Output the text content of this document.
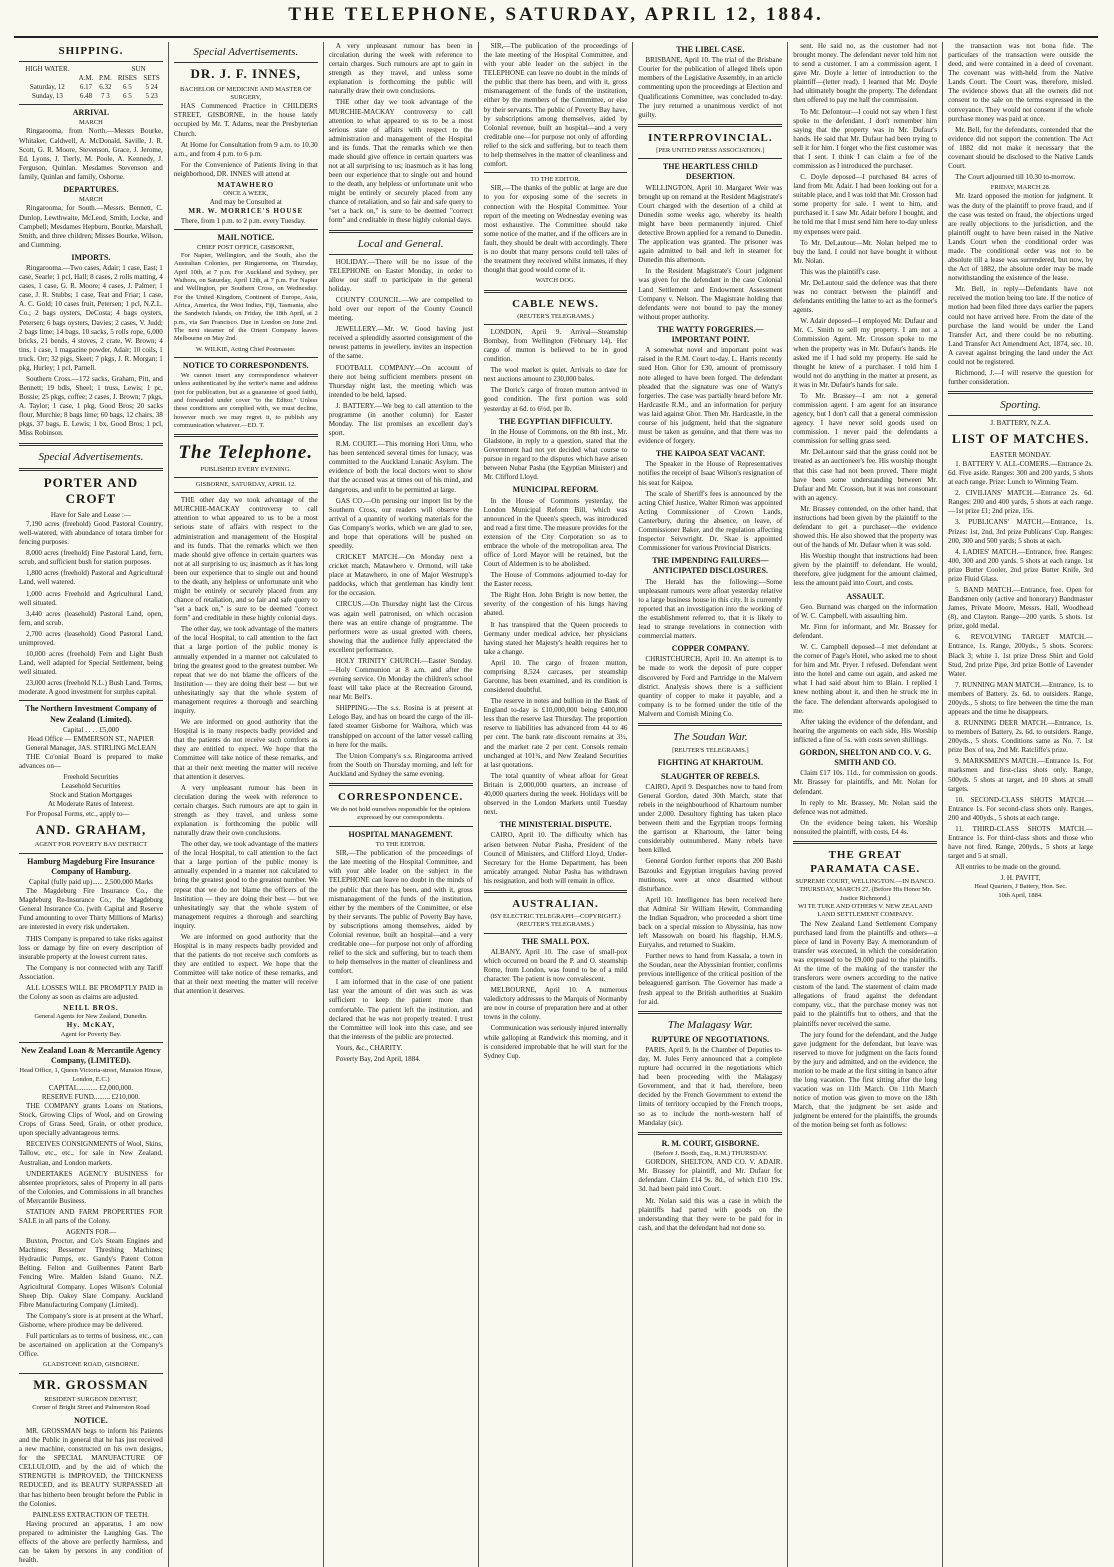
THE TELEPHONE, SATURDAY, APRIL 12, 1884.
SHIPPING.
HIGH WATER.			SUN	
	A.M.	P.M.	RISES	SETS
Saturday, 12	6.17	6.32	6 5	5 24
Sunday, 13	6.48	7 3	6 5	5 23
ARRIVAL
MARCH

Ringarooma, from North.—Messrs Bourke, Whitaker, Caldwell, A. McDonald, Saville, J. R. Scott, G. R. Moore, Stevenson, Grace, J. Jerome, Ed. Lyons, J. Tierly, M. Poole, A. Kennedy, J. Ferguson, Quinlan. Mesdames Stevenson and family, Quinlan and family, Osborne.

DEPARTURES.
MARCH

Ringarooma, for South.—Messrs. Bennett, C. Dunlop, Lewthwaite, McLeod, Smith, Locke, and Campbell; Mesdames Hepburn, Bourke, Marshall, Smith, and three children; Misses Bourke, Wilson, and Cumming.

IMPORTS.

Ringarooma.—Two cases, Adair; 1 case, East; 1 case, Searle; 1 pcl, Hall; 8 cases, 2 rolls matting, 4 cases, 1 case, G. R. Moore; 4 cases, J. Palmer; 1 case, J. R. Stubbs; 1 case, Teat and Friar; 1 case, A. C. Gold; 10 cases fruit, Petersen; 1 pcl, N.Z.L. Co.; 2 bags oysters, DeCosta; 4 bags oysters, Petersen; 6 bags oysters, Davies; 2 cases, V. Judd; 2 bags lime; 14 bags, 10 sacks, 5 rolls rope, 6,000 bricks, 21 bends, 4 stoves, 2 crate, W. Brown; 4 tins, 1 case, 1 magazine powder, Adair; 10 coils, 1 truck. Orr; 32 pigs, Skeet; 7 pkgs, J. R. Morgan; 1 pkg, Hurley; 1 pcl, Parnell.

Southern Cross.—172 sacks, Graham, Pitt, and Bennett; 19 bdls, Sheel; 1 truss, Lewis; 1 pc, Bossie; 25 pkgs, coffee; 2 cases, J. Brown; 7 pkgs, A. Taylor; 1 case, 1 pkg, Good Bros; 20 sacks flour, Murchie; 8 bags lime; 60 bags, 12 chairs, 38 pkgs, 37 bags, E. Lewis; 1 bx, Good Bros; 1 pcl, Miss Robinson.

Special Advertisements.
PORTER AND CROFT
Have for Sale and Lease :—

7,190 acres (freehold) Good Pastoral Country, well-watered, with abundance of totara timber for fencing purposes.

8,000 acres (freehold) Fine Pastoral Land, fern, scrub, and sufficient bush for station purposes.

1,800 acres (freehold) Pastoral and Agricultural Land, well watered.

1,000 acres Freehold and Agricultural Land, well situated.

3,440 acres (leasehold) Pastoral Land, open, fern, and scrub.

2,700 acres (leasehold) Good Pastoral Land, unimproved.

10,000 acres (freehold) Fern and Light Bush Land, well adapted for Special Settlement, being well situated.

23,000 acres (freehold N.L.) Bush Land. Terms, moderate. A good investment for surplus capital.

The Northern Investment Company of New Zealand (Limited).
Capital . . . . £5,000
Head Office — EMMERSON ST., NAPIER
General Manager, JAS. STIRLING McLEAN

THE Co'onial Board is prepared to make advances on—

Freehold Securities
Leasehold Securities
Stock and Station Mortgages
At Moderate Rates of Interest.

For Proposal Forms, etc., apply to—

AND. GRAHAM,
AGENT FOR POVERTY BAY DISTRICT
Hamburg Magdeburg Fire Insurance Company of Hamburg.
Capital (fully paid up)...... 2,500,000 Marks

The Magdeburg Fire Insurance Co., the Magdeburg Re-Insurance Co., the Magdeburg General Insurance Co. (with Capital and Reserve Fund amounting to over Thirty Millions of Marks) are interested in every risk undertaken.

THIS Company is prepared to take risks against loss or damage by fire on every description of insurable property at the lowest current rates.

The Company is not connected with any Tariff Association.

ALL LOSSES WILL BE PROMPTLY PAID in the Colony as soon as claims are adjusted.

NEILL BROS.
General Agents for New Zealand, Dunedin.
Hy. McKAY,
Agent for Poverty Bay.
New Zealand Loan & Mercantile Agency Company, (LIMITED).
Head Office, 1, Queen Victoria-street, Mansion House, London, E.C.)
CAPITAL........... £2,000,000.
RESERVE FUND......... £210,000.

THE COMPANY grants Loans on Stations, Stock, Growing Clips of Wool, and on Growing Crops of Grass Seed, Grain, or other produce, upon specially advantageous terms.

RECEIVES CONSIGNMENTS of Wool, Skins, Tallow, etc., etc., for sale in New Zealand, Australian, and London markets.

UNDERTAKES AGENCY BUSINESS for absentee proprietors, sales of Property in all parts of the Colonies, and Commissions in all branches of Mercantile Business.

STATION AND FARM PROPERTIES FOR SALE in all parts of the Colony.

AGENTS FOR—

Buxton, Proctor, and Co's Steam Engines and Machines; Bessemer Threshing Machines; Hydraulic Pumps, etc. Gandy's Patent Cotton Belting. Felton and Guilbennes Patent Barb Fencing Wire. Malden Island Guano. N.Z. Agricultural Company. Lopes Wilson's Colonial Sheep Dip. Oakey Slate Company. Auckland Fibre Manufacturing Company (Limited).

The Company's store is at present at the Wharf, Gisborne, where produce may be delivered.

Full particulars as to terms of business, etc., can be ascertained on application at the Company's Office.

GLADSTONE ROAD, GISBORNE.
MR. GROSSMAN
RESIDENT SURGEON DENTIST,
Corner of Bright Street and Palmerston Road
NOTICE.

MR. GROSSMAN begs to inform his Patients and the Public in general that he has just received a new machine, constructed on his own designs, for the SPECIAL MANUFACTURE OF CELLULOID, and by the aid of which the STRENGTH is IMPROVED, the THICKNESS REDUCED, and its BEAUTY SURPASSED all that has hitherto been brought before the Public in the Colonies.

PAINLESS EXTRACTION OF TEETH.

Having procured an apparatus, I am now prepared to administer the Laughing Gas. The effects of the above are perfectly harmless, and can be taken by persons in any condition of health.

Special Advertisements.
DR. J. F. INNES,
BACHELOR OF MEDICINE AND MASTER OF SURGERY,

HAS Commenced Practice in CHILDERS STREET, GISBORNE, in the house lately occupied by Mr. T. Adams, near the Presbyterian Church.

At Home for Consultation from 9 a.m. to 10.30 a.m., and from 4 p.m. to 6 p.m.

For the Convenience of Patients living in that neighborhood, DR. INNES will attend at

MATAWHERO
ONCE A WEEK,
And may be Consulted at
MR. W. MORRICE'S HOUSE

There, from 1 p.m. to 2 p.m. every Tuesday.

MAIL NOTICE.
CHIEF POST OFFICE, GISBORNE,

For Napier, Wellington, and the South, also the Australian Colonies, per Ringarooma, on Thursday, April 10th, at 7 p.m. For Auckland and Sydney, per Waihora, on Saturday, April 12th, at 7 p.m. For Napier and Wellington, per Southern Cross, on Wednesday. For the United Kingdom, Continent of Europe, Asia, Africa, America, the West Indies, Fiji, Tasmania, also the Sandwich Islands, on Friday, the 18th April, at 2 p.m., via San Francisco. Due in London on June 2nd. The next steamer of the Orient Company leaves Melbourne on May 2nd.

W. WILKIE, Acting Chief Postmaster.
NOTICE TO CORRESPONDENTS.

We cannot insert any correspondence whatever unless authenticated by the writer's name and address (not for publication, but as a guarantee of good faith), and forwarded under cover "to the Editor." Unless these conditions are complied with, we must decline, however much we may regret it, to publish any communication whatever.—ED. T.

The Telephone.
PUBLISHED EVERY EVENING.
GISBORNE, SATURDAY, APRIL 12.

THE other day we took advantage of the MURCHIE-MACKAY controversy to call attention to what appeared to us to be a most serious state of affairs with respect to the administration and management of the Hospital and its funds. That the remarks which we then made should give offence in certain quarters was not at all surprising to us; inasmuch as it has long been our experience that to single out and hound to the death, any helpless or unfortunate unit who might be entirely or securely placed from any chance of retaliation, and so fair and safe query to "set a back on," is sure to be deemed "correct form" and creditable in these highly colonial days.

The other day, we took advantage of the matters of the local Hospital, to call attention to the fact that a large portion of the public money is annually expended in a manner not calculated to bring the greatest good to the greatest number. We repeat that we do not blame the officers of the Institution — they are doing their best — but we unhesitatingly say that the whole system of management requires a thorough and searching inquiry.

We are informed on good authority that the Hospital is in many respects badly provided and that the patients do not receive such comforts as they are entitled to expect. We hope that the Committee will take notice of these remarks, and that at their next meeting the matter will receive that attention it deserves.

A very unpleasant rumour has been in circulation during the week with reference to certain charges. Such rumours are apt to gain in strength as they travel, and unless some explanation is forthcoming the public will naturally draw their own conclusions.

The other day, we took advantage of the matters of the local Hospital, to call attention to the fact that a large portion of the public money is annually expended in a manner not calculated to bring the greatest good to the greatest number. We repeat that we do not blame the officers of the Institution — they are doing their best — but we unhesitatingly say that the whole system of management requires a thorough and searching inquiry.

We are informed on good authority that the Hospital is in many respects badly provided and that the patients do not receive such comforts as they are entitled to expect. We hope that the Committee will take notice of these remarks, and that at their next meeting the matter will receive that attention it deserves.

A very unpleasant rumour has been in circulation during the week with reference to certain charges. Such rumours are apt to gain in strength as they travel, and unless some explanation is forthcoming the public will naturally draw their own conclusions.

THE other day we took advantage of the MURCHIE-MACKAY controversy to call attention to what appeared to us to be a most serious state of affairs with respect to the administration and management of the Hospital and its funds. That the remarks which we then made should give offence in certain quarters was not at all surprising to us; inasmuch as it has long been our experience that to single out and hound to the death, any helpless or unfortunate unit who might be entirely or securely placed from any chance of retaliation, and so fair and safe query to "set a back on," is sure to be deemed "correct form" and creditable in these highly colonial days.

Local and General.

HOLIDAY.—There will be no issue of the TELEPHONE on Easter Monday, in order to allow our staff to participate in the general holiday.

COUNTY COUNCIL.—We are compelled to hold over our report of the County Council meeting.

JEWELLERY.—Mr. W. Good having just received a splendidly assorted consignment of the newest patterns in jewellery, invites an inspection of the same.

FOOTBALL COMPANY.—On account of there not being sufficient members present on Thursday night last, the meeting which was intended to be held, lapsed.

J. BATTERY.—We beg to call attention to the programme (in another column) for Easter Monday. The list promises an excellent day's sport.

R.M. COURT.—This morning Hori Umu, who has been sentenced several times for lunacy, was committed to the Auckland Lunatic Asylum. The evidence of both the local doctors went to show that the accused was at times out of his mind, and dangerous, and unfit to be permitted at large.

GAS CO.—On perusing our import list by the Southern Cross, our readers will observe the arrival of a quantity of working materials for the Gas Company's works, which we are glad to see, and hope that operations will be pushed on speedily.

CRICKET MATCH.—On Monday next a cricket match, Matawhero v. Ormond, will take place at Matawhero, in one of Major Westrupp's paddocks, which that gentleman has kindly lent for the occasion.

CIRCUS.—On Thursday night last the Circus was again well patronised, on which occasion there was an entire change of programme. The performers were as usual greeted with cheers, showing that the audience fully appreciated the excellent performance.

HOLY TRINITY CHURCH.—Easter Sunday.—Holy Communion at 8 a.m. and after the evening service. On Monday the children's school feast will take place at the Recreation Ground, near Mr. Bell's.

SHIPPING.—The s.s. Rosina is at present at Lelogo Bay, and has on board the cargo of the ill-fated steamer Gisborne for Waihora, which was transhipped on account of the latter vessel calling in here for the mails.

The Union Company's s.s. Ringarooma arrived from the South on Thursday morning, and left for Auckland and Sydney the same evening.

CORRESPONDENCE.
We do not hold ourselves responsible for the opinions expressed by our correspondents.
HOSPITAL MANAGEMENT.
TO THE EDITOR.

SIR,—The publication of the proceedings of the late meeting of the Hospital Committee, and with your able leader on the subject in the TELEPHONE can leave no doubt in the minds of the public that there has been, and with it, gross mismanagement of the funds of the institution, either by the members of the Committee, or else by their servants. The public of Poverty Bay have, by subscriptions among themselves, aided by Colonial revenue, built an hospital—and a very creditable one—for purpose not only of affording relief to the sick and suffering, but to teach them to help themselves in the matter of cleanliness and comfort.

I am informed that in the case of one patient last year the amount of diet was such as was sufficient to keep the patient more than comfortable. The patient left the institution, and declared that he was not properly treated. I trust the Committee will look into this case, and see that the interests of the public are protected.

Yours, &c., CHARITY.

Poverty Bay, 2nd April, 1884.

SIR,—The publication of the proceedings of the late meeting of the Hospital Committee, and with your able leader on the subject in the TELEPHONE can leave no doubt in the minds of the public that there has been, and with it, gross mismanagement of the funds of the institution, either by the members of the Committee, or else by their servants. The public of Poverty Bay have, by subscriptions among themselves, aided by Colonial revenue, built an hospital—and a very creditable one—for purpose not only of affording relief to the sick and suffering, but to teach them to help themselves in the matter of cleanliness and comfort.

TO THE EDITOR.

SIR,—The thanks of the public at large are due to you for exposing some of the secrets in connection with the Hospital Committee. Your report of the meeting on Wednesday evening was most exhaustive. The Committee should take some notice of the matter, and if the officers are in fault, they should be dealt with accordingly. There is no doubt that many persons could tell tales of the treatment they received whilst inmates, if they thought that good would come of it.

WATCH DOG.
CABLE NEWS.
(REUTER'S TELEGRAMS.)

LONDON, April 9. Arrival—Steamship Bombay, from Wellington (February 14). Her cargo of mutton is believed to be in good condition.

The wool market is quiet. Arrivals to date for next auctions amount to 230,000 bales.

The Doric's cargo of frozen mutton arrived in good condition. The first portion was sold yesterday at 6d. to 6½d. per lb.

THE EGYPTIAN DIFFICULTY.

In the House of Commons, on the 8th inst., Mr. Gladstone, in reply to a question, stated that the Government had not yet decided what course to pursue in regard to the disputes which have arisen between Nubar Pasha (the Egyptian Minister) and Mr. Clifford Lloyd.

MUNICIPAL REFORM.

In the House of Commons yesterday, the London Municipal Reform Bill, which was announced in the Queen's speech, was introduced and read a first time. The measure provides for the extension of the City Corporation so as to embrace the whole of the metropolitan area. The office of Lord Mayor will be retained, but the Court of Aldermen is to be abolished.

The House of Commons adjourned to-day for the Easter recess.

The Right Hon. John Bright is now better, the severity of the congestion of his lungs having abated.

It has transpired that the Queen proceeds to Germany under medical advice, her physicians having stated her Majesty's health requires her to take a change.

April 10. The cargo of frozen mutton, comprising 8,524 carcases, per steamship Garonne, has been examined, and its condition is considered doubtful.

The reserve in notes and bullion in the Bank of England to-day is £10,000,000 being £400,000 less than the reserve last Thursday. The proportion reserve to liabilities has advanced from 44 to 46 per cent. The bank rate discount remains at 3½, and the market rate 2 per cent. Consols remain unchanged at 101¾, and New Zealand Securities at last quotations.

The total quantity of wheat afloat for Great Britain is 2,000,000 quarters, an increase of 40,000 quarters during the week. Holidays will be observed in the London Markets until Tuesday next.

THE MINISTERIAL DISPUTE.

CAIRO, April 10. The difficulty which has arisen between Nubar Pasha, President of the Council of Ministers, and Clifford Lloyd, Under-Secretary for the Home Department, has been amicably arranged. Nubar Pasha has withdrawn his resignation, and both will remain in office.

AUSTRALIAN.
(BY ELECTRIC TELEGRAPH—COPYRIGHT.) (REUTER'S TELEGRAMS.)
THE SMALL POX.

ALBANY, April 10. The case of small-pox which occurred on board the P. and O. steamship Rome, from London, was found to be of a mild character. The patient is now convalescent.

MELBOURNE, April 10. A numerous valedictory addresses to the Marquis of Normanby are now in course of preparation here and at other towns in the colony.

Communication was seriously injured internally while galloping at Randwick this morning, and it is considered improbable that he will start for the Sydney Cup.

THE LIBEL CASE.

BRISBANE, April 10. The trial of the Brisbane Courier for the publication of alleged libels upon members of the Legislative Assembly, in an article commenting upon the proceedings at Election and Qualifications Committee, was concluded to-day. The jury returned a unanimous verdict of not guilty.

INTERPROVINCIAL.
[PER UNITED PRESS ASSOCIATION.]
THE HEARTLESS CHILD DESERTION.

WELLINGTON, April 10. Margaret Weir was brought up on remand at the Resident Magistrate's Court charged with the desertion of a child at Dunedin some weeks ago, whereby its health might have been permanently injured. Chief detective Brown applied for a remand to Dunedin. The application was granted. The prisoner was again admitted to bail and left in steamer for Dunedin this afternoon.

In the Resident Magistrate's Court judgment was given for the defendant in the case Colonial Land Settlement and Endowment Assessment Company v. Nelson. The Magistrate holding that defendants were not bound to pay the money without proper authority.

THE WATTY FORGERIES.—IMPORTANT POINT.

A somewhat novel and important point was raised in the R.M. Court to-day. L. Harris recently sued Hon. Ghor for £30, amount of promissory note alleged to have been forged. The defendant pleaded that the signature was one of Watty's forgeries. The case was partially heard before Mr. Hardcastle R.M., and an information for perjury was laid against Ghor. Then Mr. Hardcastle, in the course of his judgment, held that the signature must be taken as genuine, and that there was no evidence of forgery.

THE KAIPOA SEAT VACANT.

The Speaker in the House of Representatives notifies the receipt of Isaac Wilson's resignation of his seat for Kaipoa.

The scale of Sheriff's fees is announced by the acting Chief Justice, Walter Rimon was appointed Acting Commissioner of Crown Lands, Canterbury, during the absence, on leave, of Commissioner Baker, and the regulation affecting Inspector Seivwright. Dr. Skae is appointed Commissioner for various Provincial Districts.

THE IMPENDING FAILURES—ANTICIPATED DISCLOSURES.

The Herald has the following:—Some unpleasant rumours were afloat yesterday relative to a large business house in this city. It is currently reported that an investigation into the working of the establishment referred to, that it is likely to lead to strange revelations in connection with commercial matters.

COPPER COMPANY.

CHRISTCHURCH, April 10. An attempt is to be made to work the deposit of pure copper discovered by Ford and Partridge in the Malvern district. Analysis shows there is a sufficient quantity of copper to make it payable, and a company is to be formed under the title of the Malvern and Cornish Mining Co.

The Soudan War.
[REUTER'S TELEGRAMS.]
FIGHTING AT KHARTOUM.
SLAUGHTER OF REBELS.

CAIRO, April 9. Despatches now to hand from General Gordon, dated 30th March, state that rebels in the neighbourhood of Khartoum number under 2,000. Desultory fighting has taken place between them and the Egyptian troops forming the garrison at Khartoum, the latter being considerably outnumbered. Many rebels have been killed.

General Gordon further reports that 200 Bashi Bazouks and Egyptian irregulars having proved mutinous, were at once disarmed without disturbance.

April 10. Intelligence has been received here that Admiral Sir William Hewitt, Commanding the Indian Squadron, who proceeded a short time back on a special mission to Abyssinia, has now left Massowah on board his flagship, H.M.S. Euryalus, and returned to Suakim.

Further news to hand from Kassala, a town in the Soudan, near the Abyssinian frontier, confirms previous intelligence of the critical position of the beleaguered garrison. The Governor has made a fresh appeal to the British authorities at Suakim for aid.

The Malagasy War.
RUPTURE OF NEGOTIATIONS.

PARIS, April 9. In the Chamber of Deputies to-day, M. Jules Ferry announced that a complete rupture had occurred in the negotiations which had been proceeding with the Malagasy Government, and that it had, therefore, been decided by the French Government to extend the limits of territory occupied by the French troops, so as to include the north-western half of Mandalay (sic).

R. M. COURT, GISBORNE.
(Before J. Booth, Esq., R.M.) THURSDAY.

GORDON, SHELTON, AND CO. V. ADAIR. Mr. Brassey for plaintiff, and Mr. Dufaur for defendant. Claim £14 9s. 8d., of which £10 19s. 3d. had been paid into Court.

Mr. Nolan said this was a case in which the plaintiffs had parted with goods on the understanding that they were to be paid for in cash, and that the defendant had not done so.

sent. He said no, as the customer had not brought money. The defendant never told him not to send a customer. I am a commission agent. I gave Mr. Doyle a letter of introduction to the plaintiff—(letter read). I learned that Mr. Doyle had ultimately bought the property. The defendant then offered to pay me half the commission.

To Mr. Defontour—I could not say when I first spoke to the defendant. I don't remember him saying that the property was in Mr. Dufaur's hands. He said that Mr. Dufaur had been trying to sell it for him. I forget who the first customer was that I sent. I think I can claim a fee of the commission as I introduced the purchaser.

C. Doyle deposed—I purchased 84 acres of land from Mr. Adair. I had been looking out for a suitable place, and I was told that Mr. Crosson had some property for sale. I went to him, and purchased it. I saw Mr. Adair before I bought, and he told me that I must send him here to-day unless my expenses were paid.

To Mr. DeLautour—Mr. Nolan helped me to buy the land. I could not have bought it without Mr. Nolan.

This was the plaintiff's case.

Mr. DeLautour said the defence was that there was no contract between the plaintiff and defendants entitling the latter to act as the former's agents.

W. Adair deposed—I employed Mr. Dufaur and Mr. C. Smith to sell my property. I am not a Commission Agent. Mr. Crosson spoke to me when the property was in Mr. Dufaur's hands. He asked me if I had sold my property. He said he thought he knew of a purchaser. I told him I would not do anything in the matter at present, as it was in Mr. Dufaur's hands for sale.

To Mr. Brassey—I am not a general commission agent. I am agent for an insurance agency, but I don't call that a general commission agency. I have never sold goods used on commission. I never paid the defendants a commission for selling grass seed.

Mr. DeLautour said that the grass could not be treated as an auctioneer's fee. His worship thought that this case had not been proved. There might have been some understanding between Mr. Dufaur and Mr. Crosson, but it was not consonant with an agency.

Mr. Brassey contended, on the other hand, that instructions had been given by the plaintiff to the defendant to get a purchaser—the evidence showed this. He also showed that the property was out of the hands of Mr. Dufaur when it was sold.

His Worship thought that instructions had been given by the plaintiff to defendant. He would, therefore, give judgment for the amount claimed, less the amount paid into Court, and costs.

ASSAULT.

Geo. Burnand was charged on the information of W. C. Campbell, with assaulting him.

Mr. Finn for informant, and Mr. Brassey for defendant.

W. C. Campbell deposed—I met defendant at the corner of Page's Hotel, who asked me to shout for him and Mr. Pryer. I refused. Defendant went into the hotel and came out again, and asked me what I had said about him to Blain. I replied I knew nothing about it, and then he struck me in the face. The defendant afterwards apologised to me.

After taking the evidence of the defendant, and hearing the arguments on each side, His Worship inflicted a fine of 5s. with costs seven shillings.

GORDON, SHELTON AND CO. V. G. SMITH AND CO.

Claim £17 10s. 11d., for commission on goods. Mr. Brassey for plaintiffs, and Mr. Nolan for defendant.

In reply to Mr. Brassey, Mr. Nolan said the defence was not admitted.

On the evidence being taken, his Worship nonsuited the plaintiff, with costs, £4 4s.

THE GREAT PARAMATA CASE.
SUPREME COURT, WELLINGTON.—IN BANCO.
THURSDAY, MARCH 27. (Before His Honor Mr. Justice Richmond.)
WI TE TUKE AND OTHERS V. NEW ZEALAND LAND SETTLEMENT COMPANY.

The New Zealand Land Settlement Company purchased land from the plaintiffs and others—a piece of land in Poverty Bay. A memorandum of transfer was executed, in which the consideration was expressed to be £9,000 paid to the plaintiffs. At the time of the making of the transfer the transferors were owners according to the native custom of the land. The statement of claim made allegations of fraud against the defendant company, viz., that the purchase money was not paid to the plaintiffs but to others, and that the plaintiffs never received the same.

The jury found for the defendant, and the Judge gave judgment for the defendant, but leave was reserved to move for judgment on the facts found by the jury and admitted, and on the evidence, the motion to be made at the first sitting in banco after the long vacation. The first sitting after the long vacation was on 11th March. On 11th March notice of motion was given to move on the 18th March, that the judgment be set aside and judgment be entered for the plaintiffs, the grounds of the motion being set forth as follows:

the transaction was not bona fide. The particulars of the transaction were outside the deed, and were contained in a deed of covenant. The covenant was with-held from the Native Lands Court. The Court was, therefore, misled. The evidence shows that all the owners did not consent to the sale on the terms expressed in the conveyance. They would not consent if the whole purchase money was paid at once.

Mr. Bell, for the defendants, contended that the evidence did not support the contention. The Act of 1882 did not make it necessary that the covenant should be disclosed to the Native Lands Court.

The Court adjourned till 10.30 to-morrow.

FRIDAY, MARCH 28.

Mr. Izard opposed the motion for judgment. It was the duty of the plaintiff to prove fraud, and if the case was tested on fraud, the objections urged are really objections to the jurisdiction, and the plaintiff ought to have been raised in the Native Lands Court when the conditional order was made. The conditional order was not to be absolute till a lease was surrendered, but now, by the Act of 1882, the absolute order may be made notwithstanding the existence of the lease.

Mr. Bell, in reply—Defendants have not received the motion being too late. If the notice of motion had been filed three days earlier the papers could not have arrived here. From the date of the purchase the land would be under the Land Transfer Act, and there could be no rebutting. Land Transfer Act Amendment Act, 1874, sec. 10. A caveat against bringing the land under the Act could not be registered.

Richmond, J.—I will reserve the question for further consideration.

Sporting.
J. BATTERY, N.Z.A.
LIST OF MATCHES.
EASTER MONDAY.

1. BATTERY V. ALL-COMERS.—Entrance 2s. 6d. Five aside. Ranges: 300 and 200 yards, 5 shots at each range. Prize: Lunch to Winning Team.

2. CIVILIANS' MATCH.—Entrance 2s. 6d. Ranges: 200 and 400 yards, 5 shots at each range.—1st prize £1; 2nd prize, 15s.

3. PUBLICANS' MATCH.—Entrance, 1s. Prizes: 1st, 2nd, 3rd prize Publicans' Cup. Ranges: 200, 300 and 500 yards; 5 shots at each.

4. LADIES' MATCH.—Entrance, free. Ranges: 400, 300 and 200 yards. 5 shots at each range. 1st prize Butter Cooler, 2nd prize Butter Knife, 3rd prize Fluid Glass.

5. BAND MATCH.—Entrance, free. Open for Bandsmen only (active and honorary) Bandmaster James, Private Moore, Messrs. Hall, Woodhead (8), and Clayton. Range—200 yards. 5 shots. 1st prize, gold medal.

6. REVOLVING TARGET MATCH.—Entrance, 1s. Range, 200yds., 5 shots. Scorers: Black 3; white 1. 1st prize Dress Shirt and Gold Stud, 2nd prize Pipe, 3rd prize Bottle of Lavender Water.

7. RUNNING MAN MATCH.—Entrance, 1s. to members of Battery. 2s. 6d. to outsiders. Range, 200yds., 5 shots; to fire between the time the man appears and the time he disappears.

8. RUNNING DEER MATCH.—Entrance, 1s. to members of Battery, 2s. 6d. to outsiders. Range, 200yds., 5 shots. Conditions same as No. 7. 1st prize Box of tea, 2nd Mr. Ratcliffe's prize.

9. MARKSMEN'S MATCH.—Entrance 1s. For marksmen and first-class shots only. Range, 500yds. 5 shots at target, and 10 shots at small targets.

10. SECOND-CLASS SHOTS MATCH.—Entrance 1s. For second-class shots only. Ranges, 200 and 400yds., 5 shots at each range.

11. THIRD-CLASS SHOTS MATCH.—Entrance 1s. For third-class shots and those who have not fired. Range, 200yds., 5 shots at large target and 5 at small.

All entries to be made on the ground.

J. H. PAVITT,
Head Quarters, J Battery, Hon. Sec.
10th April, 1884.
